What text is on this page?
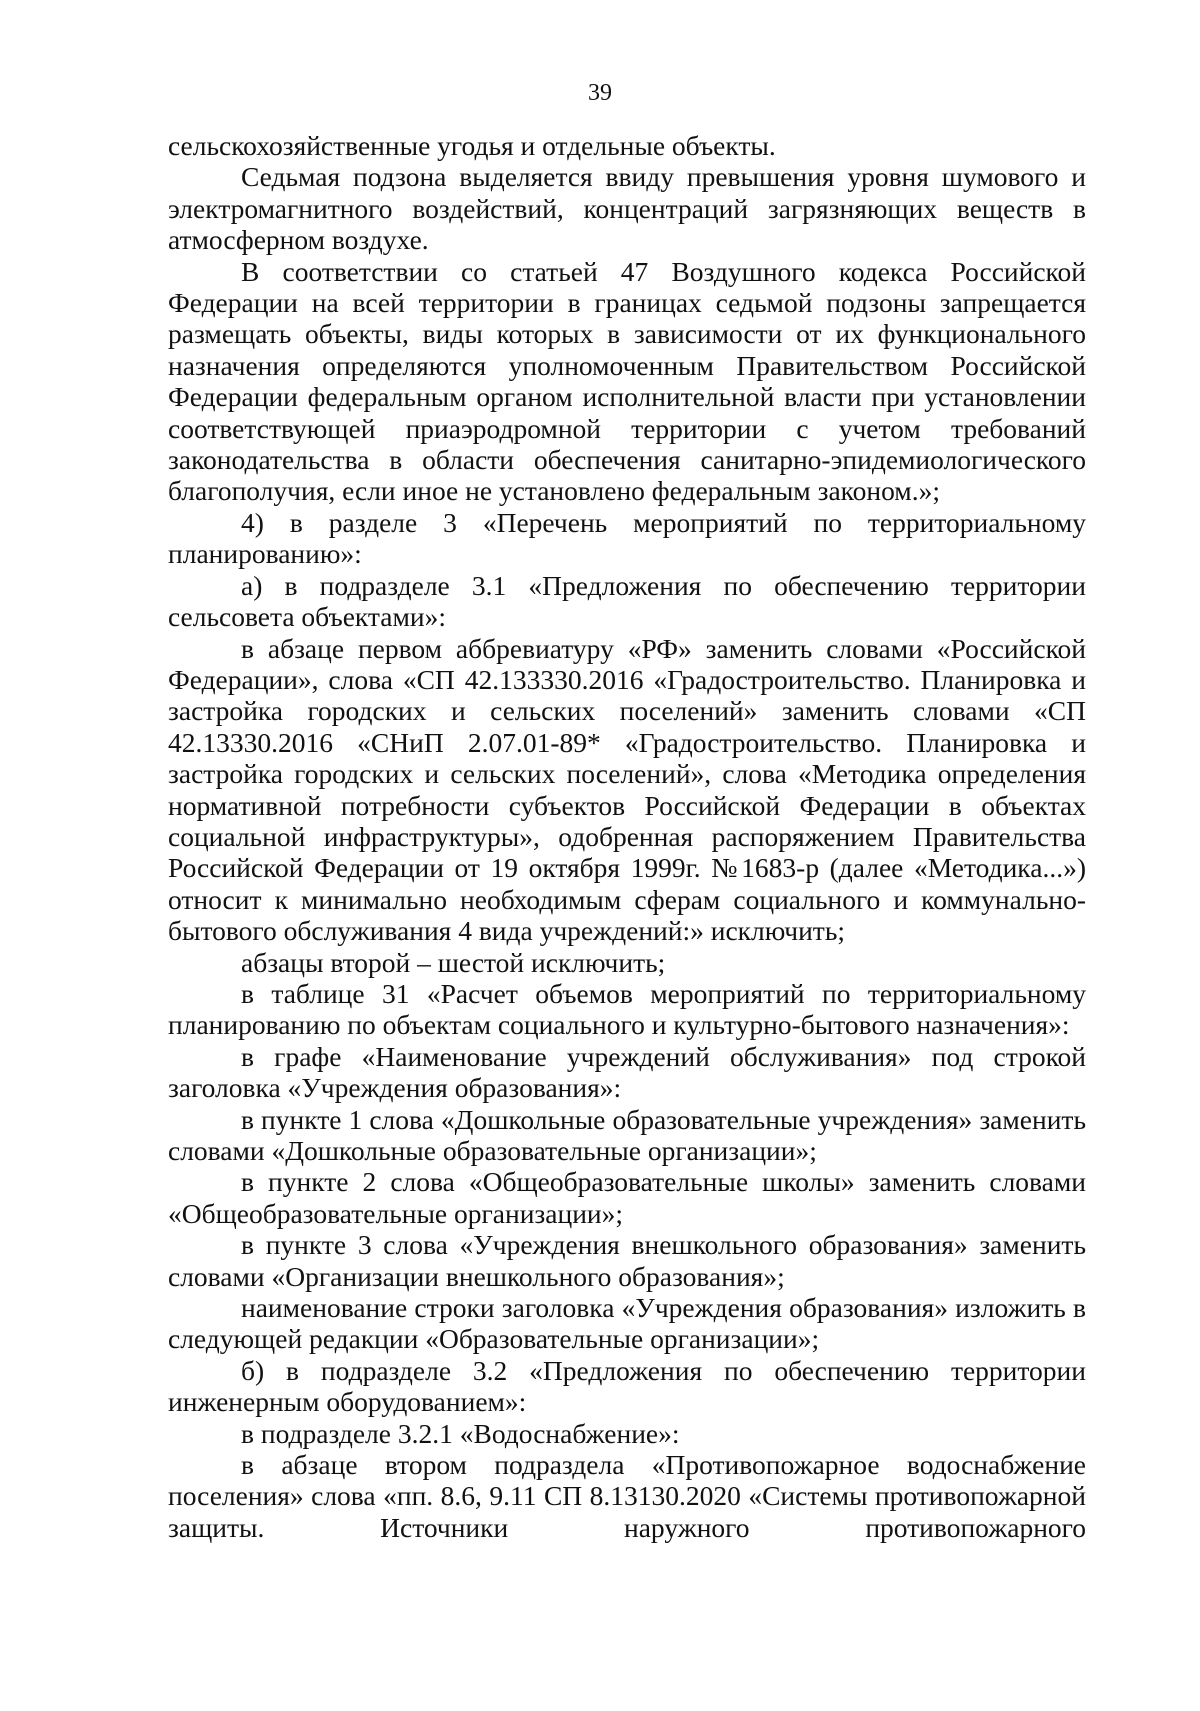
39

сельскохозяйственные угодья и отдельные объекты.

Седьмая подзона выделяется ввиду превышения уровня шумового и электромагнитного воздействий, концентраций загрязняющих веществ в атмосферном воздухе.

В соответствии со статьей 47 Воздушного кодекса Российской Федерации на всей территории в границах седьмой подзоны запрещается размещать объекты, виды которых в зависимости от их функционального назначения определяются уполномоченным Правительством Российской Федерации федеральным органом исполнительной власти при установлении соответствующей приаэродромной территории с учетом требований законодательства в области обеспечения санитарно-эпидемиологического благополучия, если иное не установлено федеральным законом.»;

4) в разделе 3 «Перечень мероприятий по территориальному планированию»:

а) в подразделе 3.1 «Предложения по обеспечению территории сельсовета объектами»:

в абзаце первом аббревиатуру «РФ» заменить словами «Российской Федерации», слова «СП 42.133330.2016 «Градостроительство. Планировка и застройка городских и сельских поселений» заменить словами «СП 42.13330.2016 «СНиП 2.07.01-89* «Градостроительство. Планировка и застройка городских и сельских поселений», слова «Методика определения нормативной потребности субъектов Российской Федерации в объектах социальной инфраструктуры», одобренная распоряжением Правительства Российской Федерации от 19 октября 1999г. №1683-р (далее «Методика...») относит к минимально необходимым сферам социального и коммунально-бытового обслуживания 4 вида учреждений:» исключить;

абзацы второй – шестой исключить;

в таблице 31 «Расчет объемов мероприятий по территориальному планированию по объектам социального и культурно-бытового назначения»:

в графе «Наименование учреждений обслуживания» под строкой заголовка «Учреждения образования»:

в пункте 1 слова «Дошкольные образовательные учреждения» заменить словами «Дошкольные образовательные организации»;

в пункте 2 слова «Общеобразовательные школы» заменить словами «Общеобразовательные организации»;

в пункте 3 слова «Учреждения внешкольного образования» заменить словами «Организации внешкольного образования»;

наименование строки заголовка «Учреждения образования» изложить в следующей редакции «Образовательные организации»;

б) в подразделе 3.2 «Предложения по обеспечению территории инженерным оборудованием»:

в подразделе 3.2.1 «Водоснабжение»:

в абзаце втором подраздела «Противопожарное водоснабжение поселения» слова «пп. 8.6, 9.11 СП 8.13130.2020 «Системы противопожарной защиты. Источники наружного противопожарного
